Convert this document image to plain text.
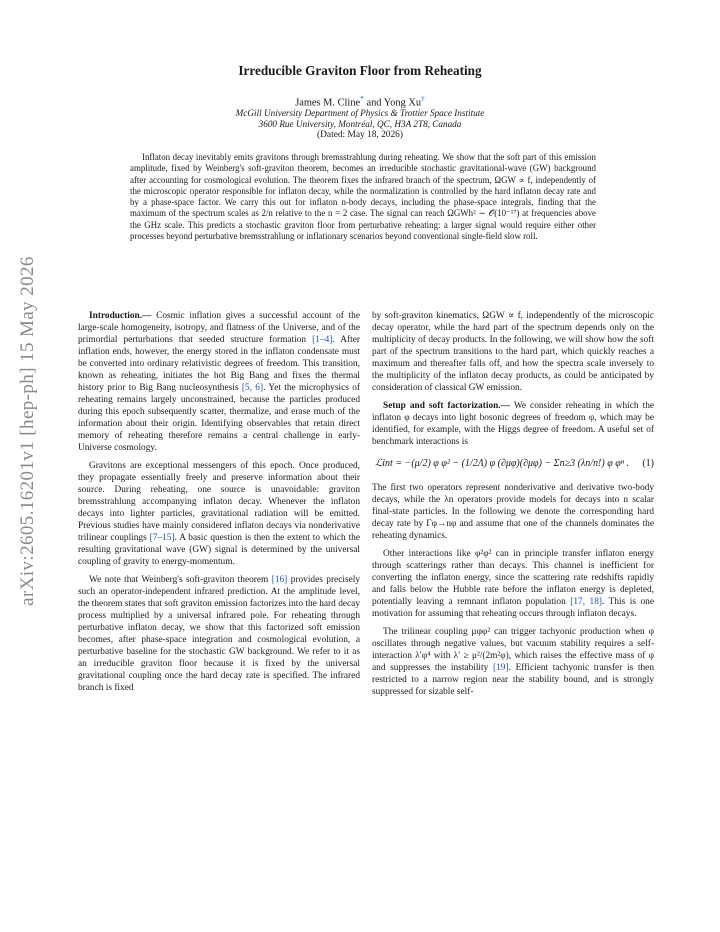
arXiv:2605.16201v1 [hep-ph] 15 May 2026
Irreducible Graviton Floor from Reheating
James M. Cline* and Yong Xu†
McGill University Department of Physics & Trottier Space Institute
3600 Rue University, Montréal, QC, H3A 2T8, Canada
(Dated: May 18, 2026)
Inflaton decay inevitably emits gravitons through bremsstrahlung during reheating. We show that the soft part of this emission amplitude, fixed by Weinberg's soft-graviton theorem, becomes an irreducible stochastic gravitational-wave (GW) background after accounting for cosmological evolution. The theorem fixes the infrared branch of the spectrum, ΩGW ∝ f, independently of the microscopic operator responsible for inflaton decay, while the normalization is controlled by the hard inflaton decay rate and by a phase-space factor. We carry this out for inflaton n-body decays, including the phase-space integrals, finding that the maximum of the spectrum scales as 2/n relative to the n = 2 case. The signal can reach ΩGWh² ∼ 𝒪(10⁻¹⁷) at frequencies above the GHz scale. This predicts a stochastic graviton floor from perturbative reheating: a larger signal would require either other processes beyond perturbative bremsstrahlung or inflationary scenarios beyond conventional single-field slow roll.

Introduction.— Cosmic inflation gives a successful account of the large-scale homogeneity, isotropy, and flatness of the Universe, and of the primordial perturbations that seeded structure formation [1–4]. After inflation ends, however, the energy stored in the inflaton condensate must be converted into ordinary relativistic degrees of freedom. This transition, known as reheating, initiates the hot Big Bang and fixes the thermal history prior to Big Bang nucleosynthesis [5, 6]. Yet the microphysics of reheating remains largely unconstrained, because the particles produced during this epoch subsequently scatter, thermalize, and erase much of the information about their origin. Identifying observables that retain direct memory of reheating therefore remains a central challenge in early-Universe cosmology.

Gravitons are exceptional messengers of this epoch. Once produced, they propagate essentially freely and preserve information about their source. During reheating, one source is unavoidable: graviton bremsstrahlung accompanying inflaton decay. Whenever the inflaton decays into lighter particles, gravitational radiation will be emitted. Previous studies have mainly considered inflaton decays via nonderivative trilinear couplings [7–15]. A basic question is then the extent to which the resulting gravitational wave (GW) signal is determined by the universal coupling of gravity to energy-momentum.

We note that Weinberg's soft-graviton theorem [16] provides precisely such an operator-independent infrared prediction. At the amplitude level, the theorem states that soft graviton emission factorizes into the hard decay process multiplied by a universal infrared pole. For reheating through perturbative inflaton decay, we show that this factorized soft emission becomes, after phase-space integration and cosmological evolution, a perturbative baseline for the stochastic GW background. We refer to it as an irreducible graviton floor because it is fixed by the universal gravitational coupling once the hard decay rate is specified. The infrared branch is fixed

by soft-graviton kinematics, ΩGW ∝ f, independently of the microscopic decay operator, while the hard part of the spectrum depends only on the multiplicity of decay products. In the following, we will show how the soft part of the spectrum transitions to the hard part, which quickly reaches a maximum and thereafter falls off, and how the spectra scale inversely to the multiplicity of the inflaton decay products, as could be anticipated by consideration of classical GW emission.

Setup and soft factorization.— We consider reheating in which the inflaton φ decays into light bosonic degrees of freedom φ, which may be identified, for example, with the Higgs degree of freedom. A useful set of benchmark interactions is

ℒint = −(μ/2) φ φ² − (1/2Λ) φ (∂μφ)(∂μφ) − Σn≥3 (λn/n!) φ φⁿ .	(1)

The first two operators represent nonderivative and derivative two-body decays, while the λn operators provide models for decays into n scalar final-state particles. In the following we denote the corresponding hard decay rate by Γφ→nφ and assume that one of the channels dominates the reheating dynamics.

Other interactions like φ²φ² can in principle transfer inflaton energy through scatterings rather than decays. This channel is inefficient for converting the inflaton energy, since the scattering rate redshifts rapidly and falls below the Hubble rate before the inflaton energy is depleted, potentially leaving a remnant inflaton population [17, 18]. This is one motivation for assuming that reheating occurs through inflaton decays.

The trilinear coupling μφφ² can trigger tachyonic production when φ oscillates through negative values, but vacuum stability requires a self-interaction λ′φ⁴ with λ′ ≥ μ²/(2m²φ), which raises the effective mass of φ and suppresses the instability [19]. Efficient tachyonic transfer is then restricted to a narrow region near the stability bound, and is strongly suppressed for sizable self-
